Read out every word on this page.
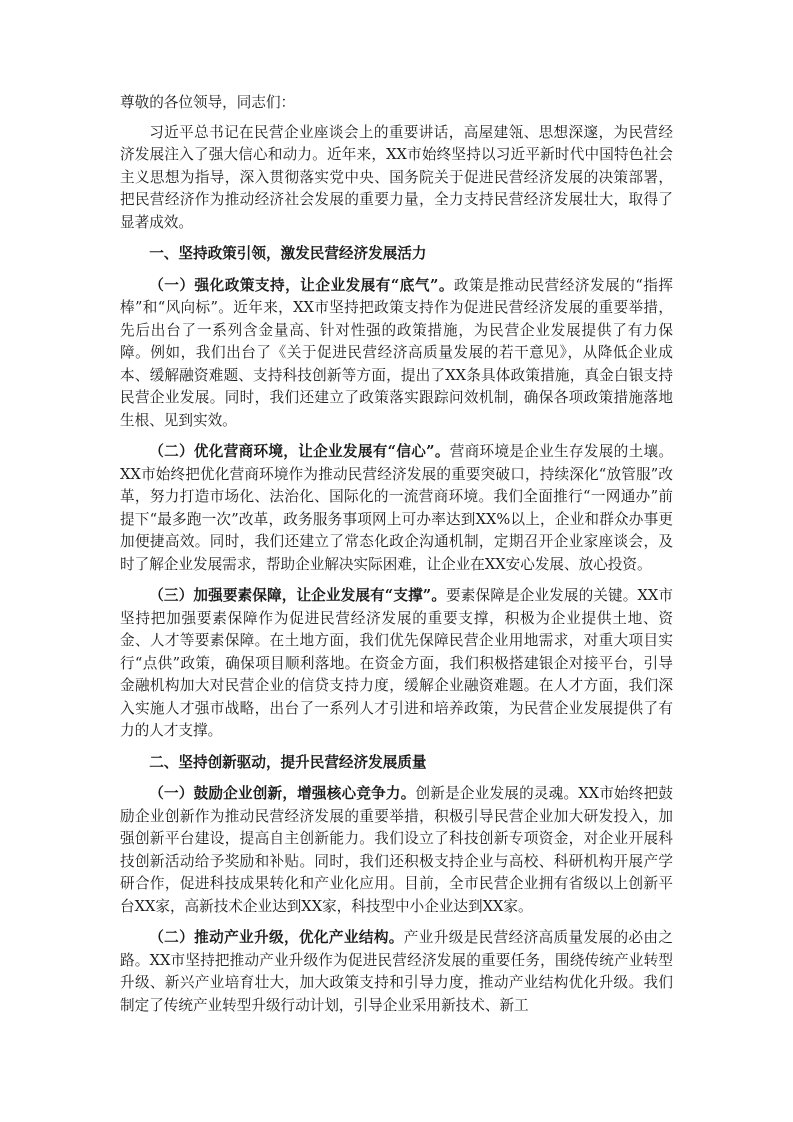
尊敬的各位领导，同志们：

习近平总书记在民营企业座谈会上的重要讲话，高屋建瓴、思想深邃，为民营经济发展注入了强大信心和动力。近年来，XX市始终坚持以习近平新时代中国特色社会主义思想为指导，深入贯彻落实党中央、国务院关于促进民营经济发展的决策部署，把民营经济作为推动经济社会发展的重要力量，全力支持民营经济发展壮大，取得了显著成效。

一、坚持政策引领，激发民营经济发展活力

（一）强化政策支持，让企业发展有“底气”。政策是推动民营经济发展的“指挥棒”和“风向标”。近年来，XX市坚持把政策支持作为促进民营经济发展的重要举措，先后出台了一系列含金量高、针对性强的政策措施，为民营企业发展提供了有力保障。例如，我们出台了《关于促进民营经济高质量发展的若干意见》，从降低企业成本、缓解融资难题、支持科技创新等方面，提出了XX条具体政策措施，真金白银支持民营企业发展。同时，我们还建立了政策落实跟踪问效机制，确保各项政策措施落地生根、见到实效。

（二）优化营商环境，让企业发展有“信心”。营商环境是企业生存发展的土壤。XX市始终把优化营商环境作为推动民营经济发展的重要突破口，持续深化“放管服”改革，努力打造市场化、法治化、国际化的一流营商环境。我们全面推行“一网通办”前提下“最多跑一次”改革，政务服务事项网上可办率达到XX%以上，企业和群众办事更加便捷高效。同时，我们还建立了常态化政企沟通机制，定期召开企业家座谈会，及时了解企业发展需求，帮助企业解决实际困难，让企业在XX安心发展、放心投资。

（三）加强要素保障，让企业发展有“支撑”。要素保障是企业发展的关键。XX市坚持把加强要素保障作为促进民营经济发展的重要支撑，积极为企业提供土地、资金、人才等要素保障。在土地方面，我们优先保障民营企业用地需求，对重大项目实行“点供”政策，确保项目顺利落地。在资金方面，我们积极搭建银企对接平台，引导金融机构加大对民营企业的信贷支持力度，缓解企业融资难题。在人才方面，我们深入实施人才强市战略，出台了一系列人才引进和培养政策，为民营企业发展提供了有力的人才支撑。

二、坚持创新驱动，提升民营经济发展质量

（一）鼓励企业创新，增强核心竞争力。创新是企业发展的灵魂。XX市始终把鼓励企业创新作为推动民营经济发展的重要举措，积极引导民营企业加大研发投入，加强创新平台建设，提高自主创新能力。我们设立了科技创新专项资金，对企业开展科技创新活动给予奖励和补贴。同时，我们还积极支持企业与高校、科研机构开展产学研合作，促进科技成果转化和产业化应用。目前，全市民营企业拥有省级以上创新平台XX家，高新技术企业达到XX家，科技型中小企业达到XX家。

（二）推动产业升级，优化产业结构。产业升级是民营经济高质量发展的必由之路。XX市坚持把推动产业升级作为促进民营经济发展的重要任务，围绕传统产业转型升级、新兴产业培育壮大，加大政策支持和引导力度，推动产业结构优化升级。我们制定了传统产业转型升级行动计划，引导企业采用新技术、新工
